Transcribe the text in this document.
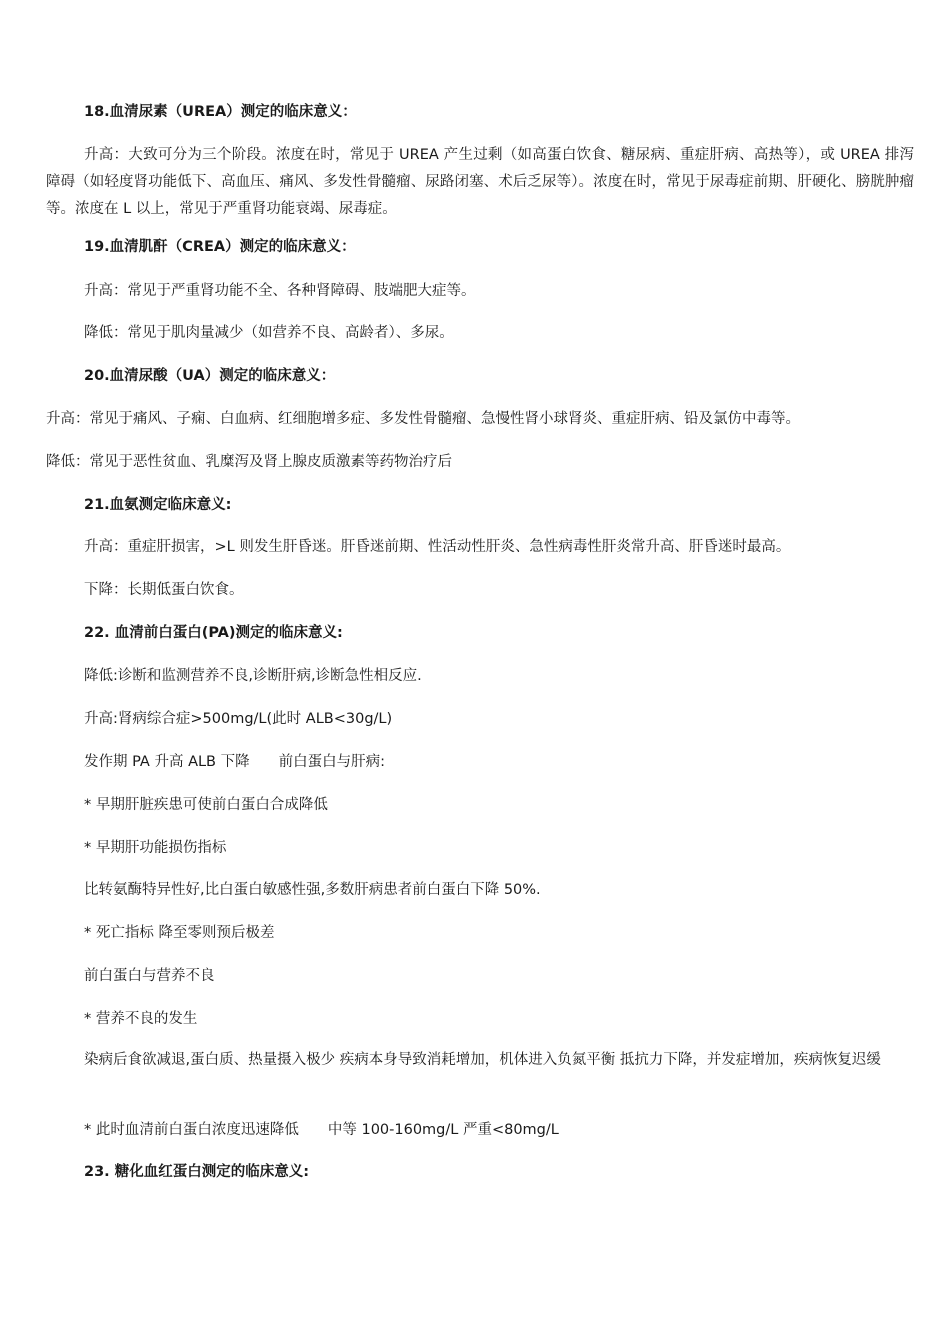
18.血清尿素（UREA）测定的临床意义：
升高：大致可分为三个阶段。浓度在时，常见于 UREA 产生过剩（如高蛋白饮食、糖尿病、重症肝病、高热等），或 UREA 排泻障碍（如轻度肾功能低下、高血压、痛风、多发性骨髓瘤、尿路闭塞、术后乏尿等）。浓度在时，常见于尿毒症前期、肝硬化、膀胱肿瘤等。浓度在 L 以上，常见于严重肾功能衰竭、尿毒症。
19.血清肌酐（CREA）测定的临床意义：
升高：常见于严重肾功能不全、各种肾障碍、肢端肥大症等。
降低：常见于肌肉量减少（如营养不良、高龄者）、多尿。
20.血清尿酸（UA）测定的临床意义：
升高：常见于痛风、子痫、白血病、红细胞增多症、多发性骨髓瘤、急慢性肾小球肾炎、重症肝病、铅及氯仿中毒等。
降低：常见于恶性贫血、乳糜泻及肾上腺皮质激素等药物治疗后
21.血氨测定临床意义:
升高：重症肝损害，>L 则发生肝昏迷。肝昏迷前期、性活动性肝炎、急性病毒性肝炎常升高、肝昏迷时最高。
下降：长期低蛋白饮食。
22. 血清前白蛋白(PA)测定的临床意义:
降低:诊断和监测营养不良,诊断肝病,诊断急性相反应.
升高:肾病综合症>500mg/L(此时 ALB<30g/L)
发作期 PA 升高 ALB 下降　　前白蛋白与肝病:
* 早期肝脏疾患可使前白蛋白合成降低
* 早期肝功能损伤指标
比转氨酶特异性好,比白蛋白敏感性强,多数肝病患者前白蛋白下降 50%.
* 死亡指标 降至零则预后极差
前白蛋白与营养不良
* 营养不良的发生
染病后食欲减退,蛋白质、热量摄入极少 疾病本身导致消耗增加，机体进入负氮平衡 抵抗力下降，并发症增加，疾病恢复迟缓
* 此时血清前白蛋白浓度迅速降低　　中等 100-160mg/L 严重<80mg/L
23. 糖化血红蛋白测定的临床意义:
